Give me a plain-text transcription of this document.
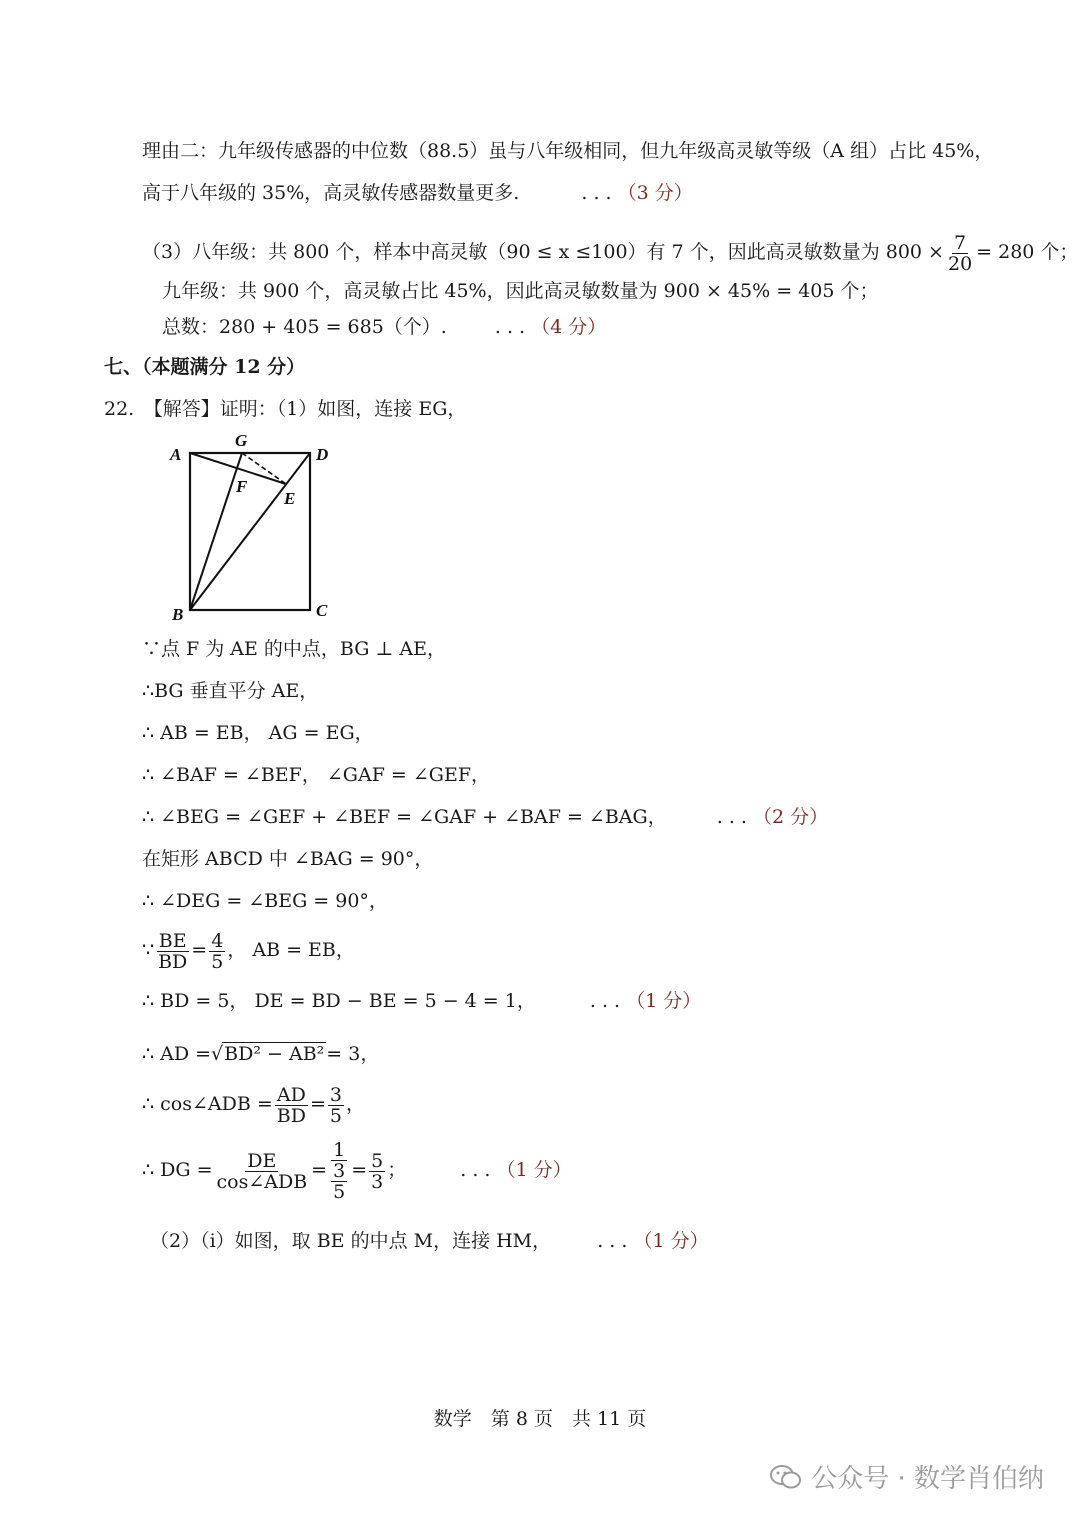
理由二：九年级传感器的中位数（88.5）虽与八年级相同，但九年级高灵敏等级（A 组）占比 45%，
高于八年级的 35%，高灵敏传感器数量更多.	. . . （3 分）
（3）八年级：共 800 个，样本中高灵敏（90 ≤ x ≤100）有 7 个，因此高灵敏数量为 $800 \times \frac{7}{20} = 280$ 个；
九年级：共 900 个，高灵敏占比 45%，因此高灵敏数量为 900 × 45% = 405 个；
总数：280 + 405 = 685（个）.	. . . （4 分）
七、（本题满分 12 分）
22.　【解答】证明：（1）如图，连接 EG，
A
G
D
F
E
B	C
∵点 F 为 AE 的中点，BG ⊥ AE，
∴BG 垂直平分 AE，
∴ AB = EB， AG = EG，
∴ ∠BAF = ∠BEF， ∠GAF = ∠GEF，
∴ ∠BEG = ∠GEF + ∠BEF = ∠GAF + ∠BAF = ∠BAG，	. . . （2 分）
在矩形 ABCD 中 ∠BAG = 90°，
∴ ∠DEG = ∠BEG = 90°，
∵ $\frac{BE}{BD} = \frac{4}{5}$ ， AB = EB，
∴ BD = 5， DE = BD − BE = 5 − 4 = 1，	. . . （1 分）
∴ AD =√BD² − AB² = 3，
∴ cos∠ADB = $\frac{AD}{BD} = \frac{3}{5}$ ，
∴ DG = $\frac{DE}{\text{cos∠ADB}} = \frac{1}{\frac{3}{5}} = \frac{5}{3}$ ；	. . . （1 分）
（2）（i）如图，取 BE 的中点 M，连接 HM， . . . （1 分）
数学　第 8 页　共 11 页
公众号 · 数学肖伯纳
